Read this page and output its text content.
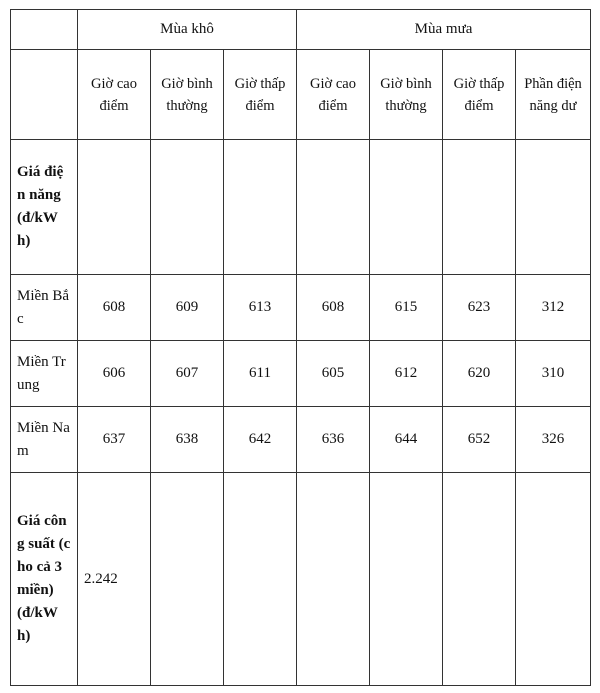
	Mùa khô			Mùa mưa			
	Giờ cao điểm	Giờ bình thường	Giờ thấp điểm	Giờ cao điểm	Giờ bình thường	Giờ thấp điểm	Phần điện năng dư
Giá điện năng (đ/kWh)							
Miền Bắc	608	609	613	608	615	623	312
Miền Trung	606	607	611	605	612	620	310
Miền Nam	637	638	642	636	644	652	326
Giá công suất (cho cả 3 miền) (đ/kWh)	2.242						
